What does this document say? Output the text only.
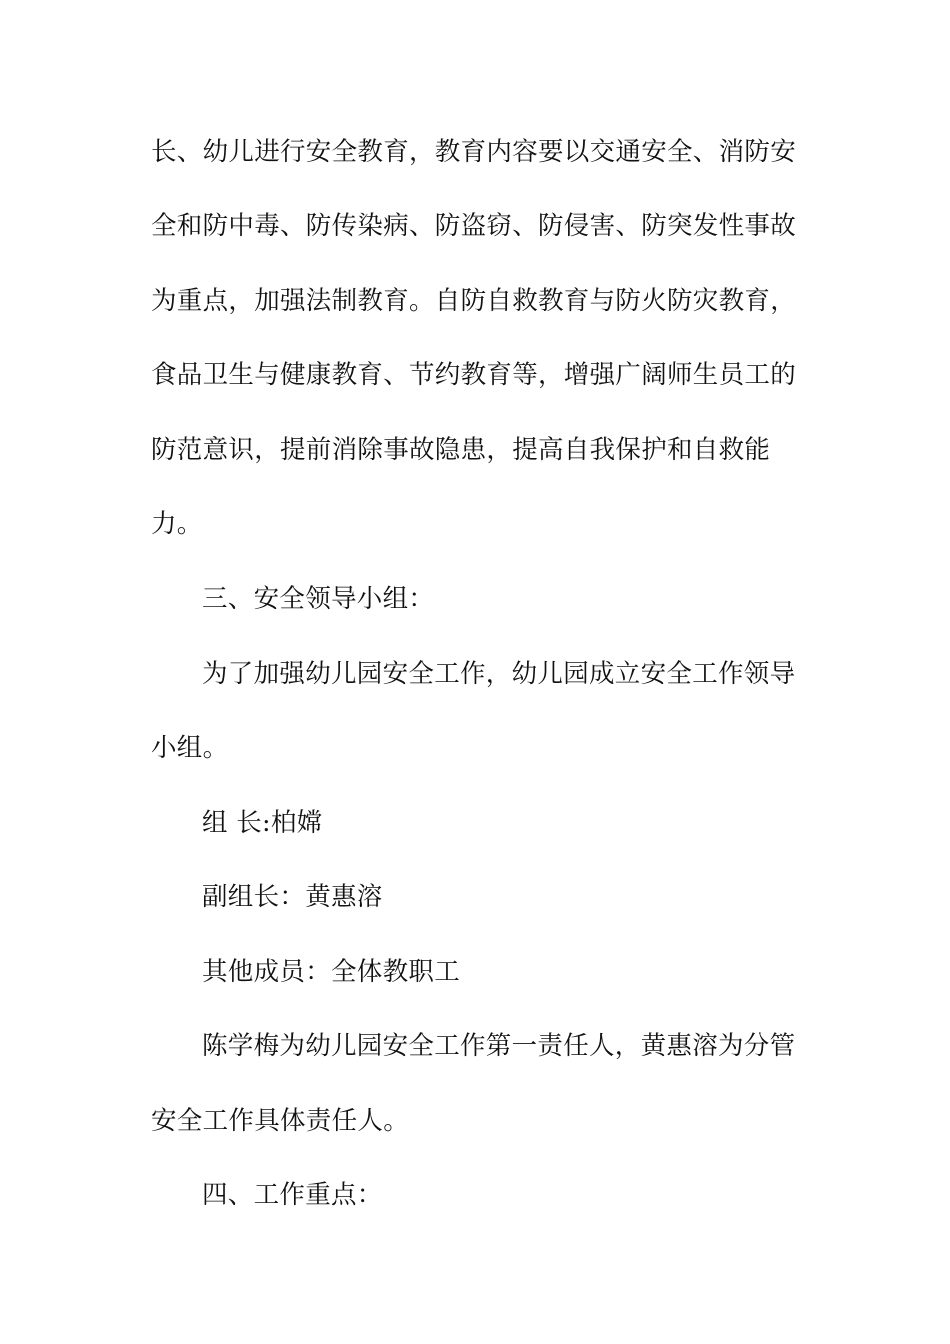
长、幼儿进行安全教育，教育内容要以交通安全、消防安
全和防中毒、防传染病、防盗窃、防侵害、防突发性事故
为重点，加强法制教育。自防自救教育与防火防灾教育，
食品卫生与健康教育、节约教育等，增强广阔师生员工的
防范意识，提前消除事故隐患，提高自我保护和自救能
力。
三、安全领导小组：
为了加强幼儿园安全工作，幼儿园成立安全工作领导
小组。
组 长:柏嫦
副组长：黄惠溶
其他成员：全体教职工
陈学梅为幼儿园安全工作第一责任人，黄惠溶为分管
安全工作具体责任人。
四、工作重点：
